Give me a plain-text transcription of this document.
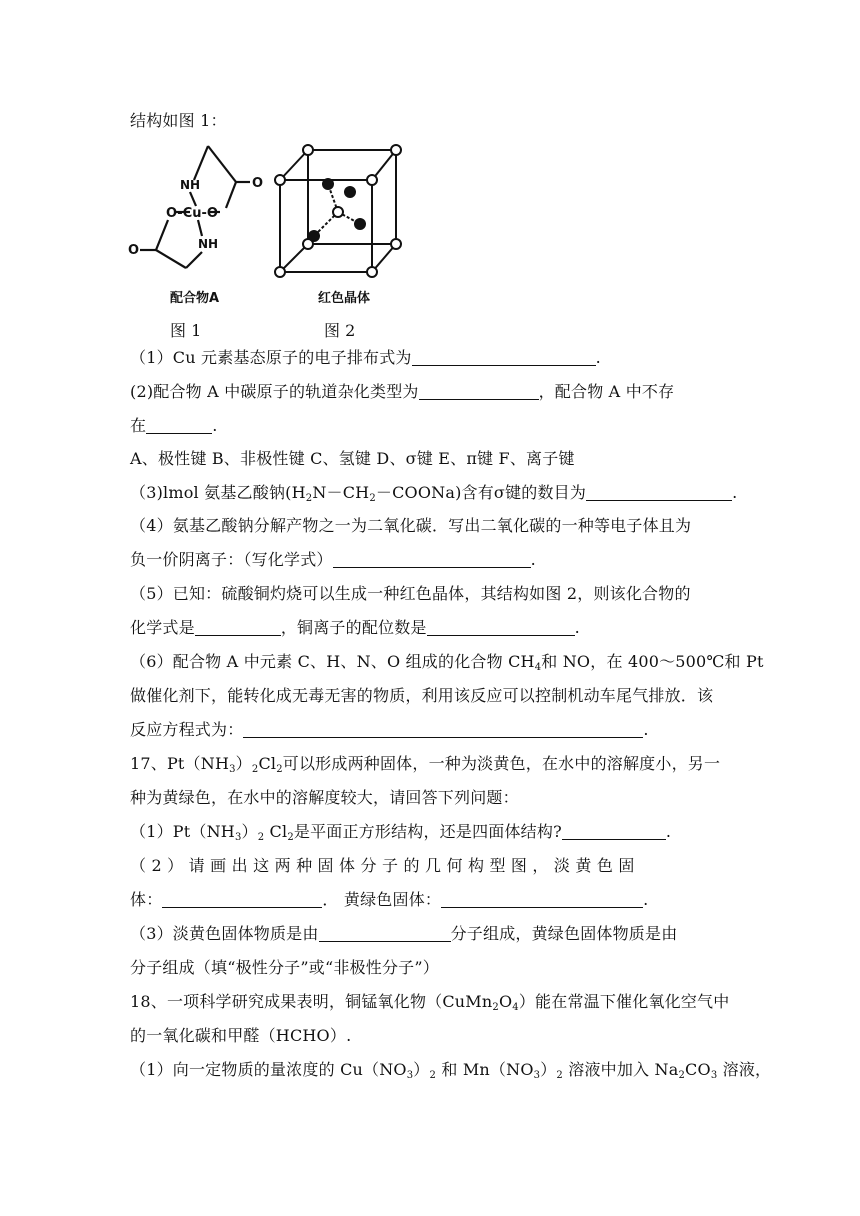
结构如图 1：
NH	O
O-Cu-O
NH
O
配合物A	红色晶体
图 1	图 2
（1）Cu 元素基态原子的电子排布式为	.
(2)配合物 A 中碳原子的轨道杂化类型为	，配合物 A 中不存
在	.
A、极性键 B、非极性键 C、氢键 D、σ键 E、π键 F、离子键
（3)lmol 氨基乙酸钠$(H_2N-CH_2-COONa)$含有σ键的数目为	.
（4）氨基乙酸钠分解产物之一为二氧化碳．写出二氧化碳的一种等电子体且为
负一价阴离子：（写化学式）	.
（5）已知：硫酸铜灼烧可以生成一种红色晶体，其结构如图 2，则该化合物的
化学式是	，铜离子的配位数是	.
（6）配合物 A 中元素 C、H、N、O 组成的化合物 $CH_4$和 NO，在 400～500℃和 Pt
做催化剂下，能转化成无毒无害的物质，利用该反应可以控制机动车尾气排放．该
反应方程式为：	.
17、$Pt(NH_3)_2Cl_2$可以形成两种固体，一种为淡黄色，在水中的溶解度小，另一
种为黄绿色，在水中的溶解度较大，请回答下列问题：
$(1)Pt(NH_3)_2$ $Cl_2$是平面正方形结构，还是四面体结构?	.
（ 2 ） 请 画 出 这 两 种 固 体 分 子 的 几 何 构 型 图 ， 淡 黄 色 固
体：	． 黄绿色固体：	.
（3）淡黄色固体物质是由	分子组成，黄绿色固体物质是由
分子组成（填“极性分子”或“非极性分子”）
18、一项科学研究成果表明，铜锰氧化物$(CuMn_2O_4)$能在常温下催化氧化空气中
的一氧化碳和甲醛（HCHO）.
（1）向一定物质的量浓度的 $Cu(NO_3)_2$ 和 $Mn(NO_3)_2$ 溶液中加入 $Na_2CO_3$ 溶液，
